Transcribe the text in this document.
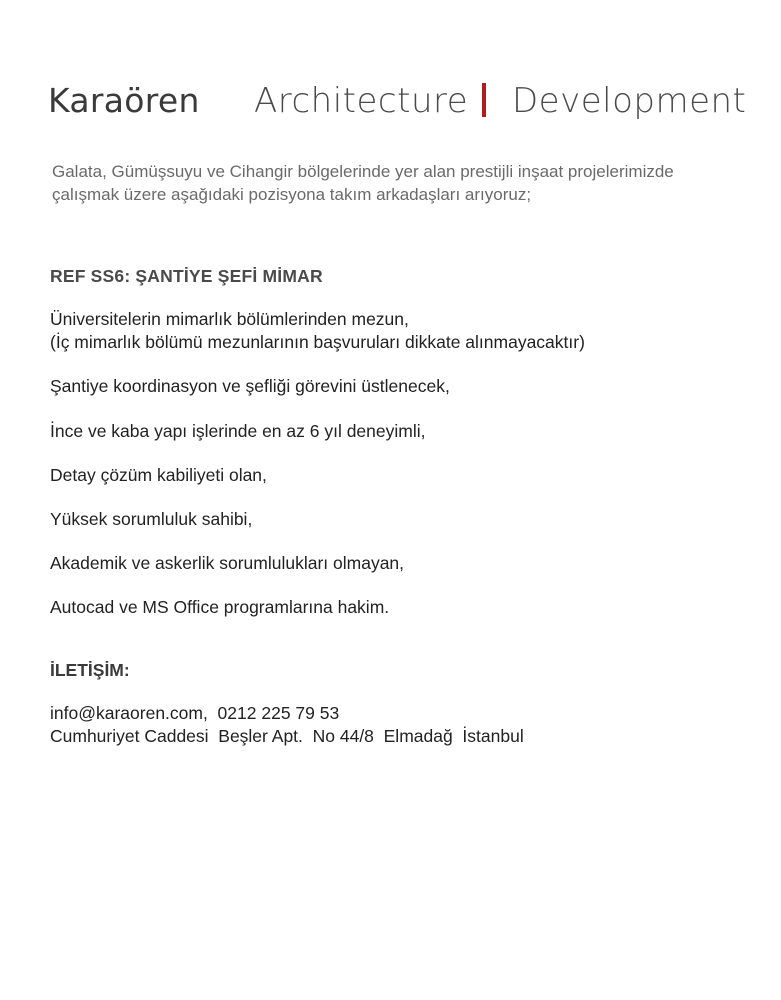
Karaören Architecture Development

Galata, Gümüşsuyu ve Cihangir bölgelerinde yer alan prestijli inşaat projelerimizde

çalışmak üzere aşağıdaki pozisyona takım arkadaşları arıyoruz;

REF SS6: ŞANTİYE ŞEFİ MİMAR

Üniversitelerin mimarlık bölümlerinden mezun,

(İç mimarlık bölümü mezunlarının başvuruları dikkate alınmayacaktır)

Şantiye koordinasyon ve şefliği görevini üstlenecek,

İnce ve kaba yapı işlerinde en az 6 yıl deneyimli,

Detay çözüm kabiliyeti olan,

Yüksek sorumluluk sahibi,

Akademik ve askerlik sorumlulukları olmayan,

Autocad ve MS Office programlarına hakim.

İLETİŞİM:

info@karaoren.com,  0212 225 79 53

Cumhuriyet Caddesi  Beşler Apt.  No 44/8  Elmadağ  İstanbul
